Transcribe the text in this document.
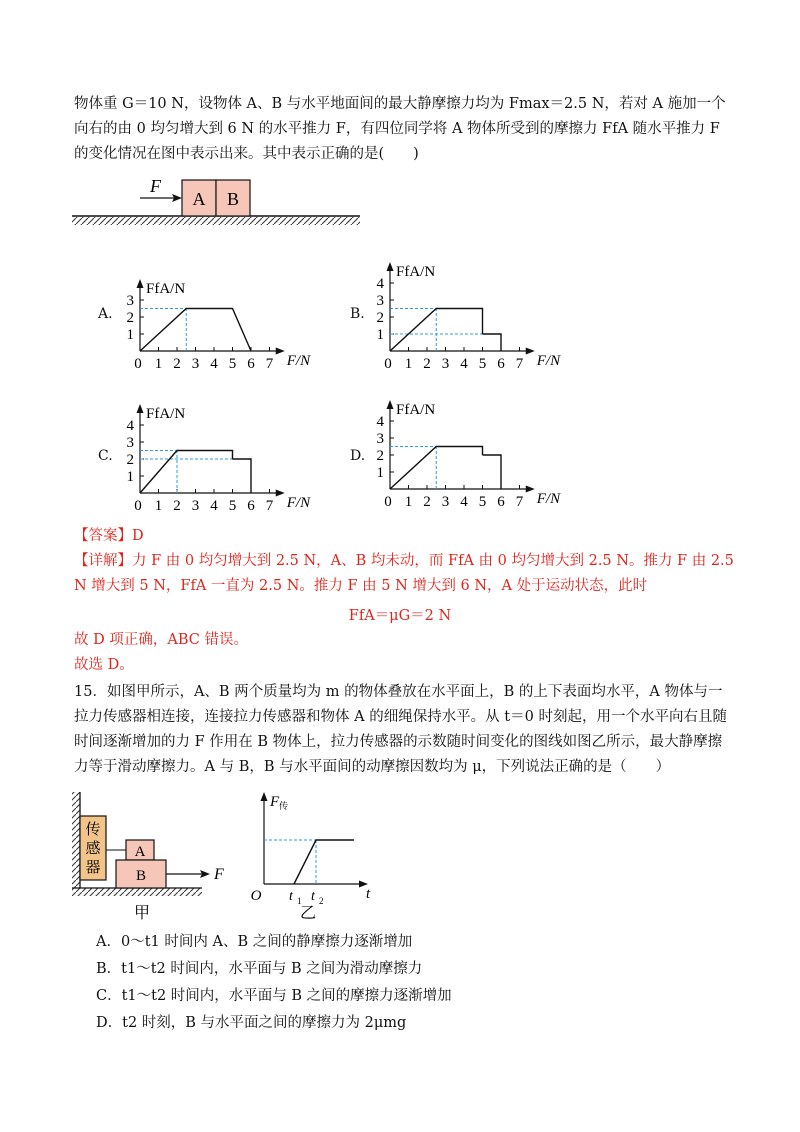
物体重 G＝10 N，设物体 A、B 与水平地面间的最大静摩擦力均为 Fmax＝2.5 N，若对 A 施加一个向右的由 0 均匀增大到 6 N 的水平推力 F，有四位同学将 A 物体所受到的摩擦力 FfA 随水平推力 F 的变化情况在图中表示出来。其中表示正确的是(　　)
A B
F
A.
0 1 2 3 4 5 6 7
1
2
3
FfA/N
F/N
B.
0 1 2 3 4 5 6 7
1
2
3
4
FfA/N
F/N
C.
0 1 2 3 4 5 6 7
1
2
3
4
FfA/N
F/N
D.
0 1 2 3 4 5 6 7
1
2
3
4
FfA/N
F/N
【答案】D
【详解】力 F 由 0 均匀增大到 2.5 N，A、B 均未动，而 FfA 由 0 均匀增大到 2.5 N。推力 F 由 2.5 N 增大到 5 N，FfA 一直为 2.5 N。推力 F 由 5 N 增大到 6 N，A 处于运动状态，此时
FfA＝μG＝2 N
故 D 项正确，ABC 错误。
故选 D。
15．如图甲所示，A、B 两个质量均为 m 的物体叠放在水平面上，B 的上下表面均水平，A 物体与一拉力传感器相连接，连接拉力传感器和物体 A 的细绳保持水平。从 t＝0 时刻起，用一个水平向右且随时间逐渐增加的力 F 作用在 B 物体上，拉力传感器的示数随时间变化的图线如图乙所示，最大静摩擦力等于滑动摩擦力。A 与 B，B 与水平面间的动摩擦因数均为 μ，下列说法正确的是（　　）
传
感
器
A
B	F
甲
F 传
O t 1 t 2	t
乙
A．0～t1 时间内 A、B 之间的静摩擦力逐渐增加
B．t1～t2 时间内，水平面与 B 之间为滑动摩擦力
C．t1～t2 时间内，水平面与 B 之间的摩擦力逐渐增加
D．t2 时刻，B 与水平面之间的摩擦力为 2μmg
